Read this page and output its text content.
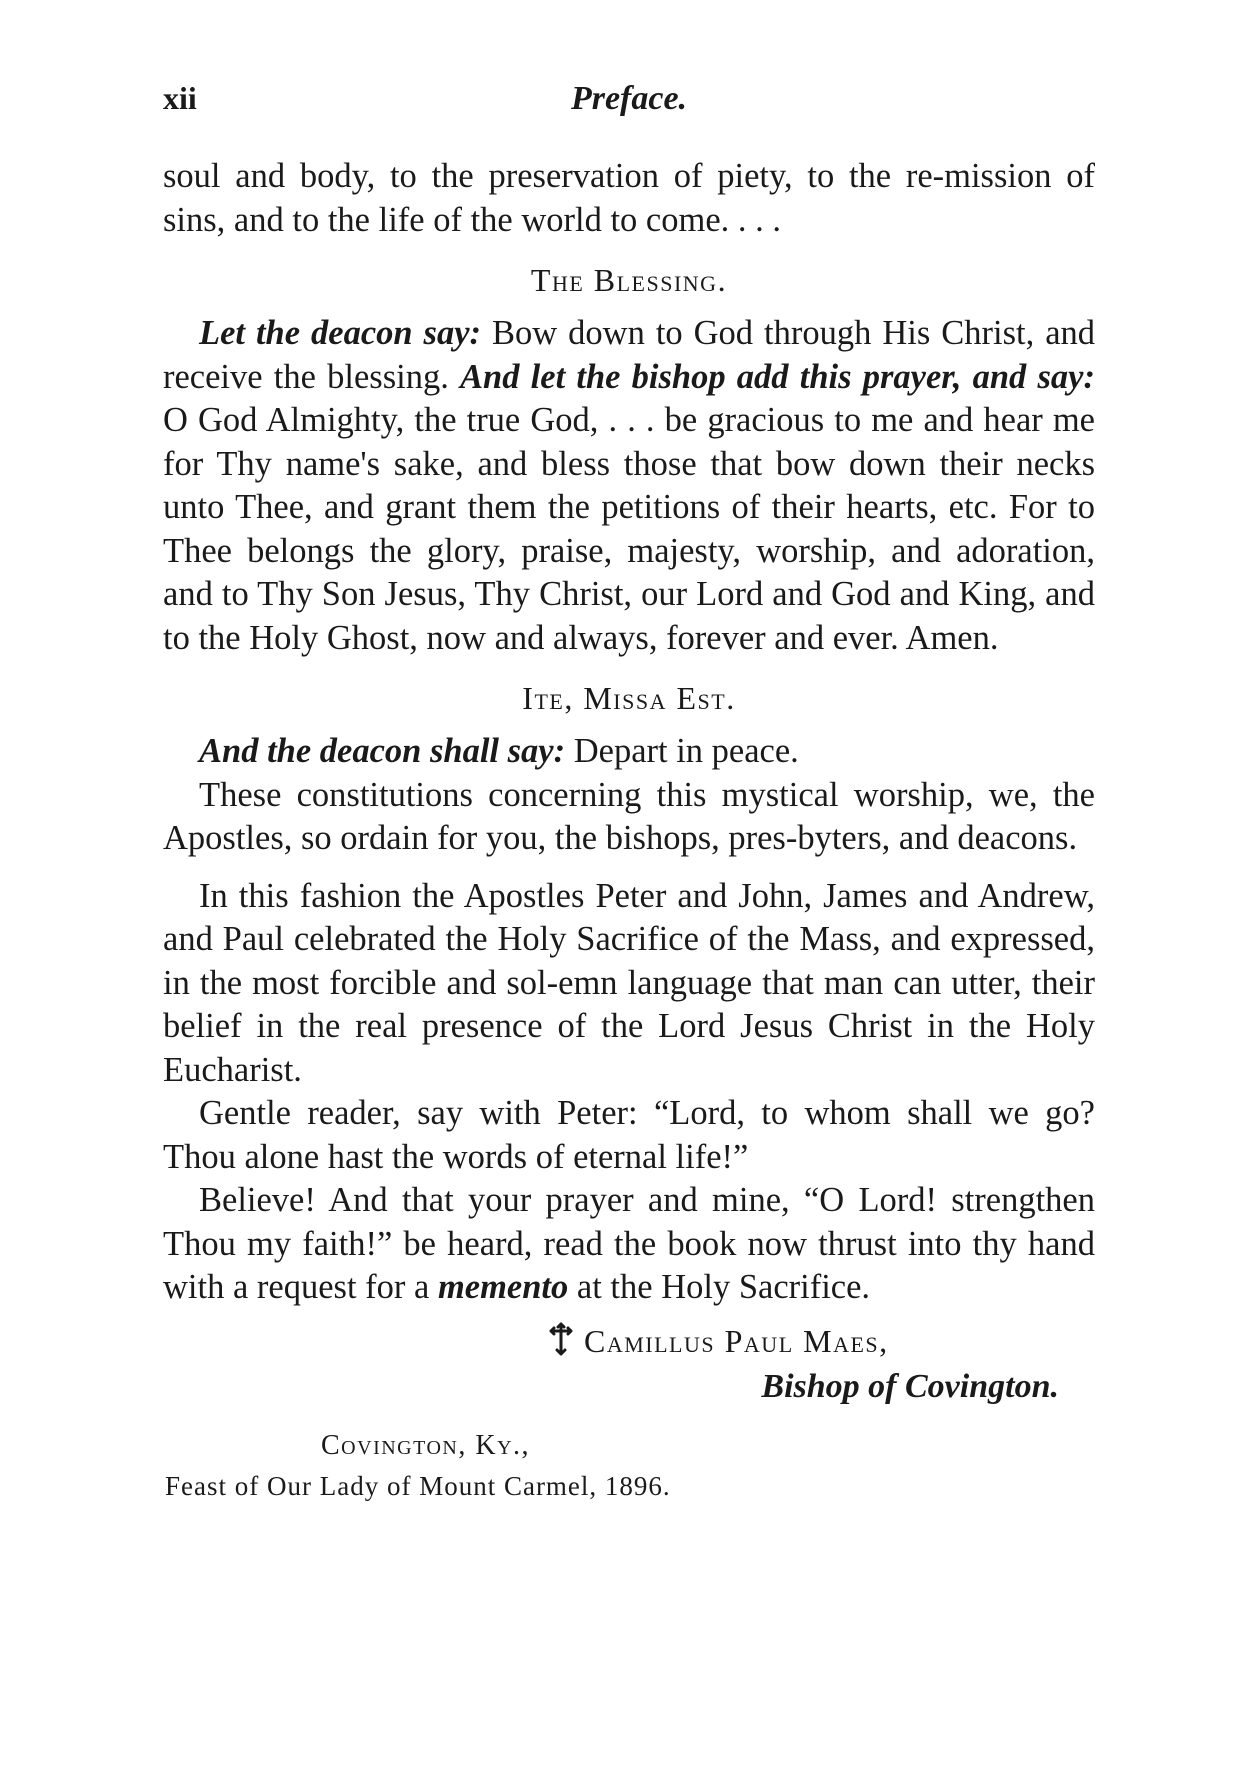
xii	Preface.

soul and body, to the preservation of piety, to the re-mission of sins, and to the life of the world to come. . . .

The Blessing.

Let the deacon say: Bow down to God through His Christ, and receive the blessing. And let the bishop add this prayer, and say: O God Almighty, the true God, . . . be gracious to me and hear me for Thy name's sake, and bless those that bow down their necks unto Thee, and grant them the petitions of their hearts, etc. For to Thee belongs the glory, praise, majesty, worship, and adoration, and to Thy Son Jesus, Thy Christ, our Lord and God and King, and to the Holy Ghost, now and always, forever and ever. Amen.

Ite, Missa Est.

And the deacon shall say: Depart in peace.

These constitutions concerning this mystical worship, we, the Apostles, so ordain for you, the bishops, pres-byters, and deacons.

In this fashion the Apostles Peter and John, James and Andrew, and Paul celebrated the Holy Sacrifice of the Mass, and expressed, in the most forcible and sol-emn language that man can utter, their belief in the real presence of the Lord Jesus Christ in the Holy Eucharist.

Gentle reader, say with Peter: “Lord, to whom shall we go? Thou alone hast the words of eternal life!”

Believe! And that your prayer and mine, “O Lord! strengthen Thou my faith!” be heard, read the book now thrust into thy hand with a request for a memento at the Holy Sacrifice.

Camillus Paul Maes,
Bishop of Covington.
Covington, Ky.,
Feast of Our Lady of Mount Carmel, 1896.
